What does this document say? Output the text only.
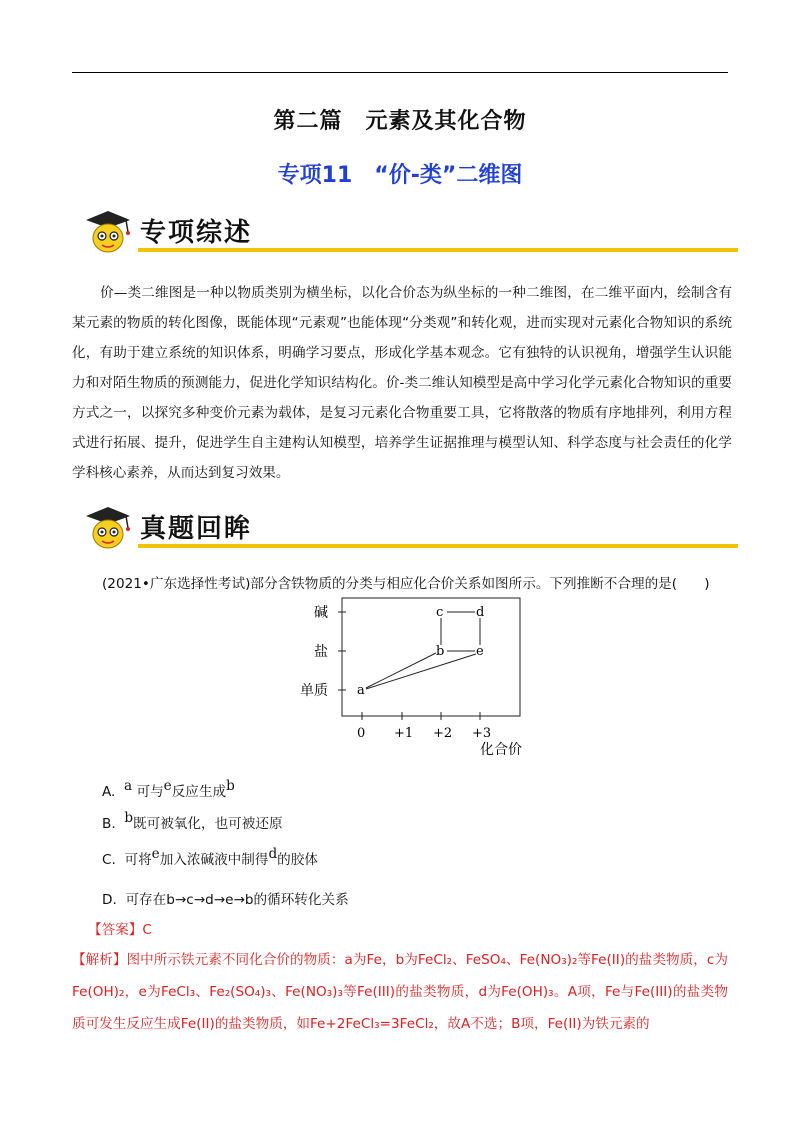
第二篇　元素及其化合物
专项11　“价-类”二维图
专项综述
价—类二维图是一种以物质类别为横坐标，以化合价态为纵坐标的一种二维图，在二维平面内，绘制含有某元素的物质的转化图像，既能体现“元素观”也能体现“分类观”和转化观，进而实现对元素化合物知识的系统化，有助于建立系统的知识体系，明确学习要点，形成化学基本观念。它有独特的认识视角，增强学生认识能力和对陌生物质的预测能力，促进化学知识结构化。价-类二维认知模型是高中学习化学元素化合物知识的重要方式之一，以探究多种变价元素为载体，是复习元素化合物重要工具，它将散落的物质有序地排列，利用方程式进行拓展、提升，促进学生自主建构认知模型，培养学生证据推理与模型认知、科学态度与社会责任的化学学科核心素养，从而达到复习效果。
真题回眸
(2021•广东选择性考试)部分含铁物质的分类与相应化合价关系如图所示。下列推断不合理的是(　　)
碱
盐
单质
0 +1 +2 +3
化合价
a
b
c	d
e
A. a 可与e反应生成b
B. b既可被氧化，也可被还原
C. 可将e加入浓碱液中制得d的胶体
D. 可存在b→c→d→e→b的循环转化关系
【答案】C
【解析】图中所示铁元素不同化合价的物质：a为Fe，b为FeCl₂、FeSO₄、Fe(NO₃)₂等Fe(II)的盐类物质，c为Fe(OH)₂，e为FeCl₃、Fe₂(SO₄)₃、Fe(NO₃)₃等Fe(III)的盐类物质，d为Fe(OH)₃。A项，Fe与Fe(III)的盐类物质可发生反应生成Fe(II)的盐类物质，如Fe+2FeCl₃=3FeCl₂，故A不选；B项，Fe(II)为铁元素的
